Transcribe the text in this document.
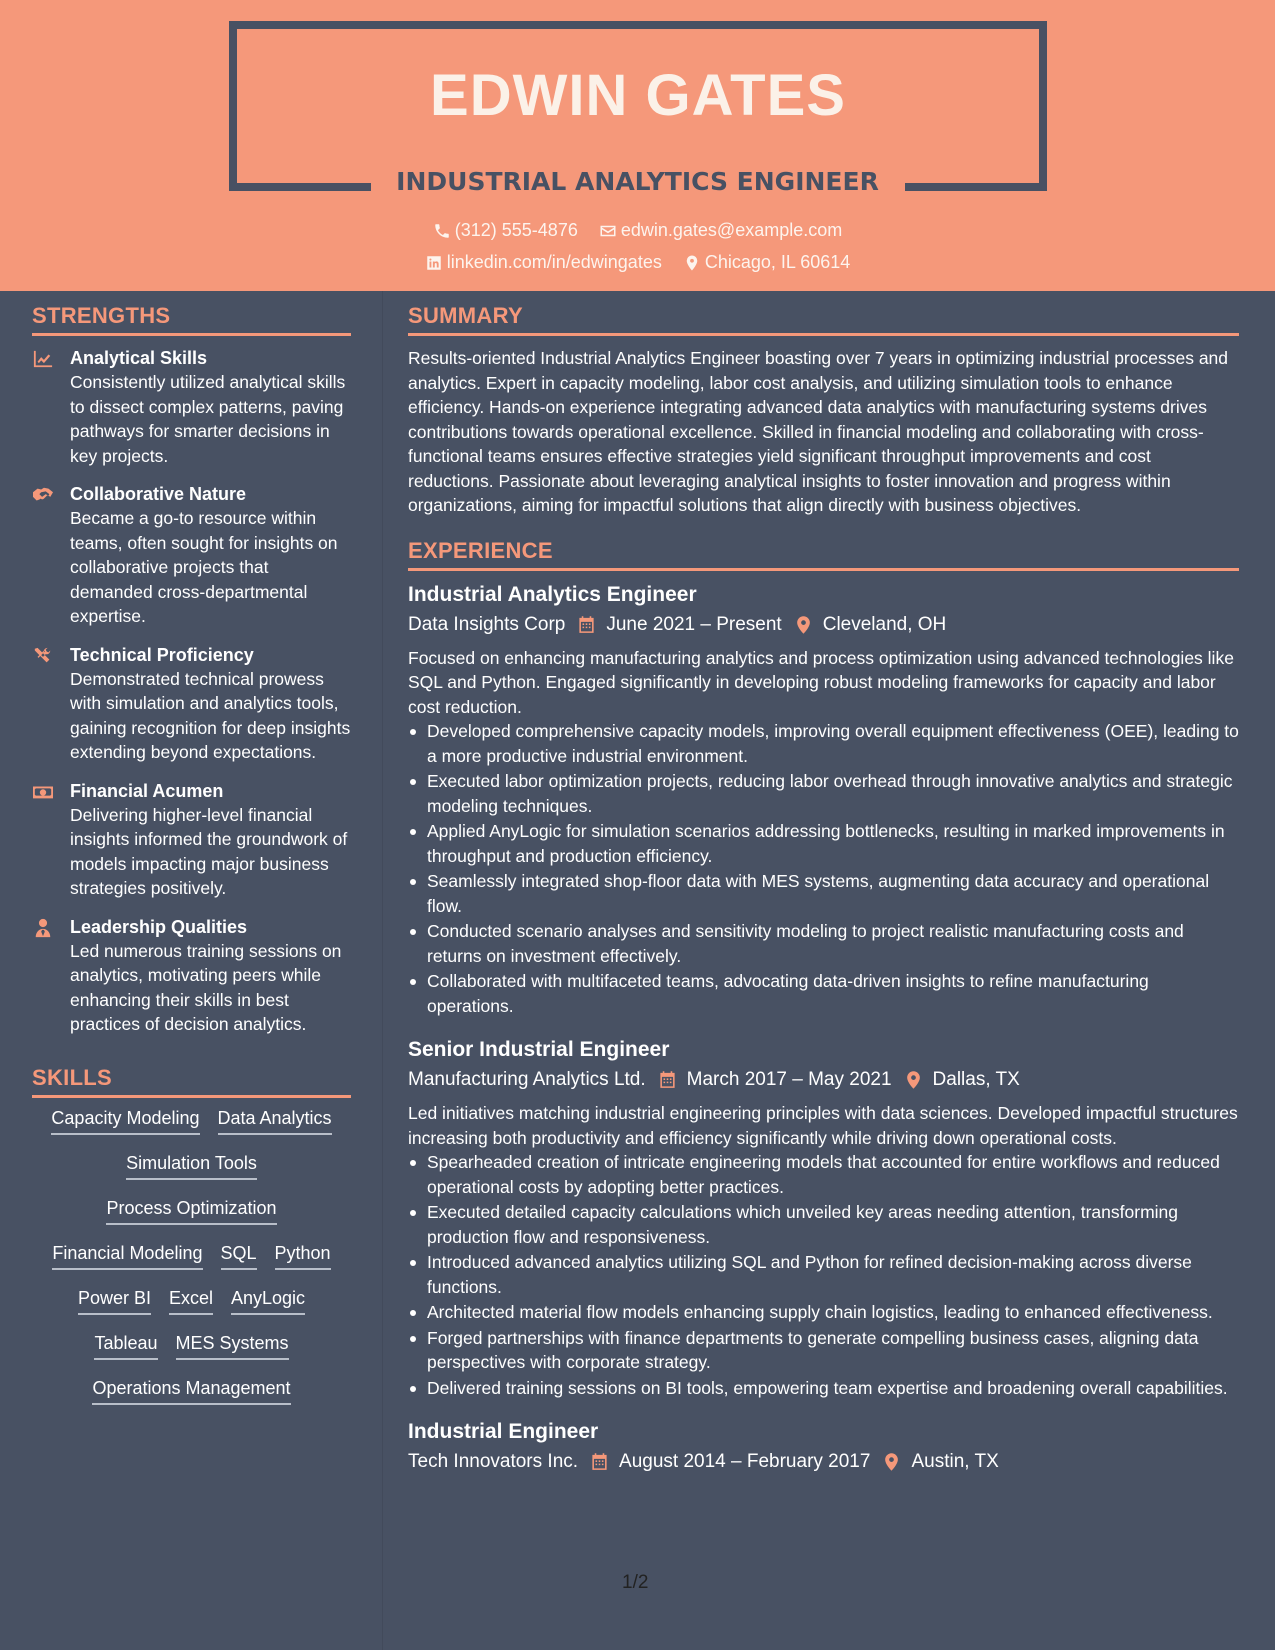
EDWIN GATES
INDUSTRIAL ANALYTICS ENGINEER
(312) 555-4876
edwin.gates@example.com
linkedin.com/in/edwingates
Chicago, IL 60614
STRENGTHS
Analytical Skills
Consistently utilized analytical skills to dissect complex patterns, paving pathways for smarter decisions in key projects.
Collaborative Nature
Became a go-to resource within teams, often sought for insights on collaborative projects that demanded cross-departmental expertise.
Technical Proficiency
Demonstrated technical prowess with simulation and analytics tools, gaining recognition for deep insights extending beyond expectations.
Financial Acumen
Delivering higher-level financial insights informed the groundwork of models impacting major business strategies positively.
Leadership Qualities
Led numerous training sessions on analytics, motivating peers while enhancing their skills in best practices of decision analytics.
SKILLS
Capacity Modeling Data Analytics
Simulation Tools
Process Optimization
Financial Modeling SQL Python
Power BI Excel AnyLogic
Tableau MES Systems
Operations Management
SUMMARY
Results-oriented Industrial Analytics Engineer boasting over 7 years in optimizing industrial processes and analytics. Expert in capacity modeling, labor cost analysis, and utilizing simulation tools to enhance efficiency. Hands-on experience integrating advanced data analytics with manufacturing systems drives contributions towards operational excellence. Skilled in financial modeling and collaborating with cross-functional teams ensures effective strategies yield significant throughput improvements and cost reductions. Passionate about leveraging analytical insights to foster innovation and progress within organizations, aiming for impactful solutions that align directly with business objectives.
EXPERIENCE
Industrial Analytics Engineer
Data Insights Corp June 2021 – Present Cleveland, OH
Focused on enhancing manufacturing analytics and process optimization using advanced technologies like SQL and Python. Engaged significantly in developing robust modeling frameworks for capacity and labor cost reduction.
Developed comprehensive capacity models, improving overall equipment effectiveness (OEE), leading to a more productive industrial environment.
Executed labor optimization projects, reducing labor overhead through innovative analytics and strategic modeling techniques.
Applied AnyLogic for simulation scenarios addressing bottlenecks, resulting in marked improvements in throughput and production efficiency.
Seamlessly integrated shop-floor data with MES systems, augmenting data accuracy and operational flow.
Conducted scenario analyses and sensitivity modeling to project realistic manufacturing costs and returns on investment effectively.
Collaborated with multifaceted teams, advocating data-driven insights to refine manufacturing operations.
Senior Industrial Engineer
Manufacturing Analytics Ltd. March 2017 – May 2021 Dallas, TX
Led initiatives matching industrial engineering principles with data sciences. Developed impactful structures increasing both productivity and efficiency significantly while driving down operational costs.
Spearheaded creation of intricate engineering models that accounted for entire workflows and reduced operational costs by adopting better practices.
Executed detailed capacity calculations which unveiled key areas needing attention, transforming production flow and responsiveness.
Introduced advanced analytics utilizing SQL and Python for refined decision-making across diverse functions.
Architected material flow models enhancing supply chain logistics, leading to enhanced effectiveness.
Forged partnerships with finance departments to generate compelling business cases, aligning data perspectives with corporate strategy.
Delivered training sessions on BI tools, empowering team expertise and broadening overall capabilities.
Industrial Engineer
Tech Innovators Inc. August 2014 – February 2017 Austin, TX
1/2
